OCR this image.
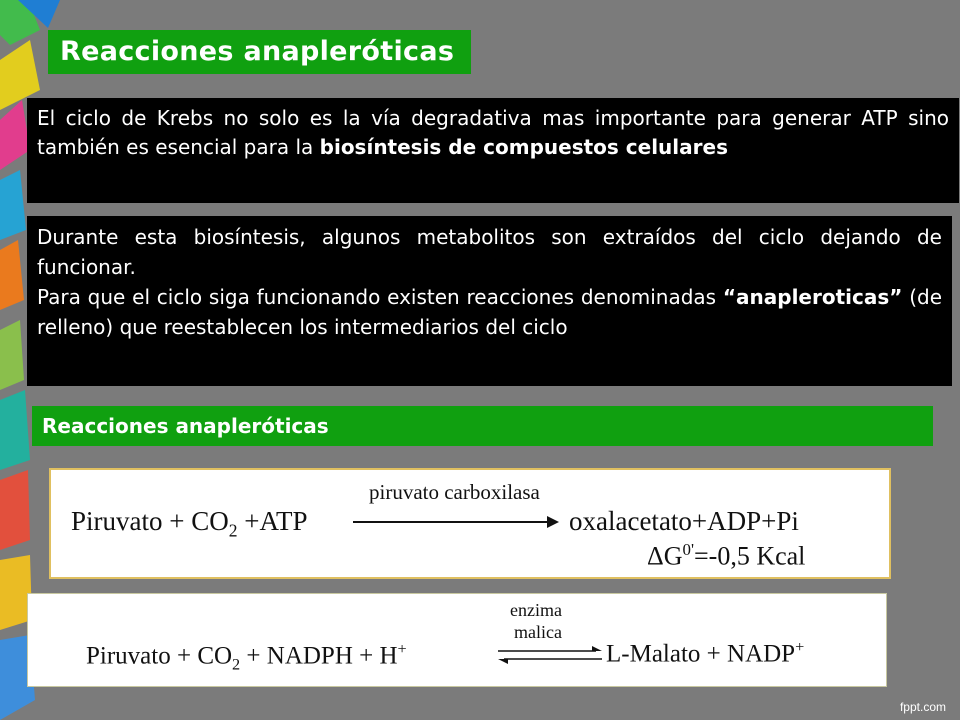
Reacciones anapleróticas
El ciclo de Krebs no solo es la vía degradativa mas importante para generar ATP sino también es esencial para la biosíntesis de compuestos celulares
Durante esta biosíntesis, algunos metabolitos son extraídos del ciclo dejando de funcionar.
Para que el ciclo siga funcionando existen reacciones denominadas “anapleroticas” (de relleno) que reestablecen los intermediarios del ciclo
Reacciones anapleróticas
Piruvato + $CO_2 +ATP$
piruvato carboxilasa
oxalacetato+ADP+Pi
$\Delta G^{0'}=-0,5$ Kcal
Piruvato + $CO_2$ + NADPH + H+
enzima
malica
L-Malato + NADP+
fppt.com
